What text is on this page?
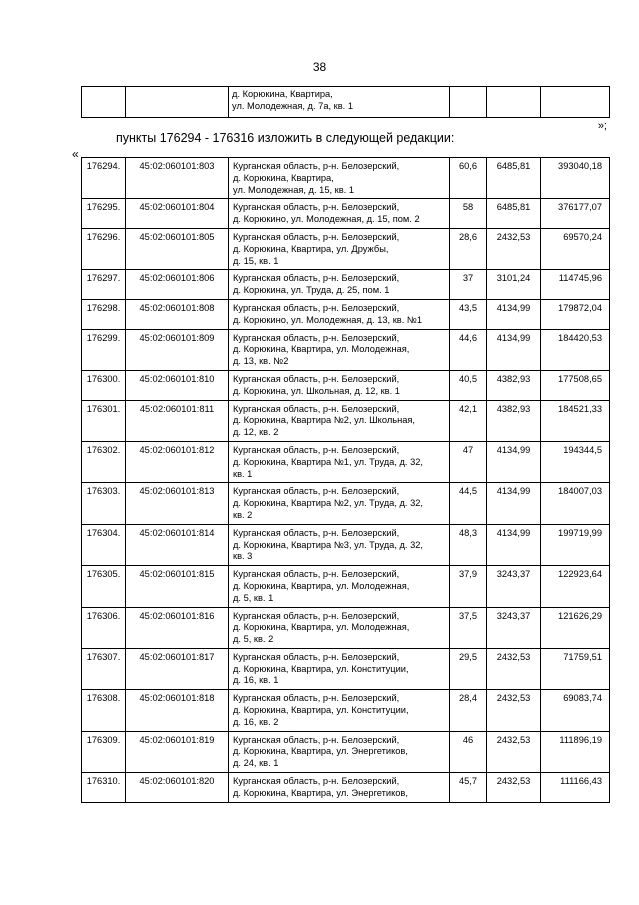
38
		д. Корюкина, Квартира,
ул. Молодежная, д. 7а, кв. 1			
»;
пункты 176294 - 176316 изложить в следующей редакции:
«
176294.	45:02:060101:803	Курганская область, р-н. Белозерский,
д. Корюкина, Квартира,
ул. Молодежная, д. 15, кв. 1	60,6	6485,81	393040,18
176295.	45:02:060101:804	Курганская область, р-н. Белозерский,
д. Корюкино, ул. Молодежная, д. 15, пом. 2	58	6485,81	376177,07
176296.	45:02:060101:805	Курганская область, р-н. Белозерский,
д. Корюкина, Квартира, ул. Дружбы,
д. 15, кв. 1	28,6	2432,53	69570,24
176297.	45:02:060101:806	Курганская область, р-н. Белозерский,
д. Корюкина, ул. Труда, д. 25, пом. 1	37	3101,24	114745,96
176298.	45:02:060101:808	Курганская область, р-н. Белозерский,
д. Корюкино, ул. Молодежная, д. 13, кв. №1	43,5	4134,99	179872,04
176299.	45:02:060101:809	Курганская область, р-н. Белозерский,
д. Корюкина, Квартира, ул. Молодежная,
д. 13, кв. №2	44,6	4134,99	184420,53
176300.	45:02:060101:810	Курганская область, р-н. Белозерский,
д. Корюкина, ул. Школьная, д. 12, кв. 1	40,5	4382,93	177508,65
176301.	45:02:060101:811	Курганская область, р-н. Белозерский,
д. Корюкина, Квартира №2, ул. Школьная,
д. 12, кв. 2	42,1	4382,93	184521,33
176302.	45:02:060101:812	Курганская область, р-н. Белозерский,
д. Корюкина, Квартира №1, ул. Труда, д. 32,
кв. 1	47	4134,99	194344,5
176303.	45:02:060101:813	Курганская область, р-н. Белозерский,
д. Корюкина, Квартира №2, ул. Труда, д. 32,
кв. 2	44,5	4134,99	184007,03
176304.	45:02:060101:814	Курганская область, р-н. Белозерский,
д. Корюкина, Квартира №3, ул. Труда, д. 32,
кв. 3	48,3	4134,99	199719,99
176305.	45:02:060101:815	Курганская область, р-н. Белозерский,
д. Корюкина, Квартира, ул. Молодежная,
д. 5, кв. 1	37,9	3243,37	122923,64
176306.	45:02:060101:816	Курганская область, р-н. Белозерский,
д. Корюкина, Квартира, ул. Молодежная,
д. 5, кв. 2	37,5	3243,37	121626,29
176307.	45:02:060101:817	Курганская область, р-н. Белозерский,
д. Корюкина, Квартира, ул. Конституции,
д. 16, кв. 1	29,5	2432,53	71759,51
176308.	45:02:060101:818	Курганская область, р-н. Белозерский,
д. Корюкина, Квартира, ул. Конституции,
д. 16, кв. 2	28,4	2432,53	69083,74
176309.	45:02:060101:819	Курганская область, р-н. Белозерский,
д. Корюкина, Квартира, ул. Энергетиков,
д. 24, кв. 1	46	2432,53	111896,19
176310.	45:02:060101:820	Курганская область, р-н. Белозерский,
д. Корюкина, Квартира, ул. Энергетиков,	45,7	2432,53	111166,43
